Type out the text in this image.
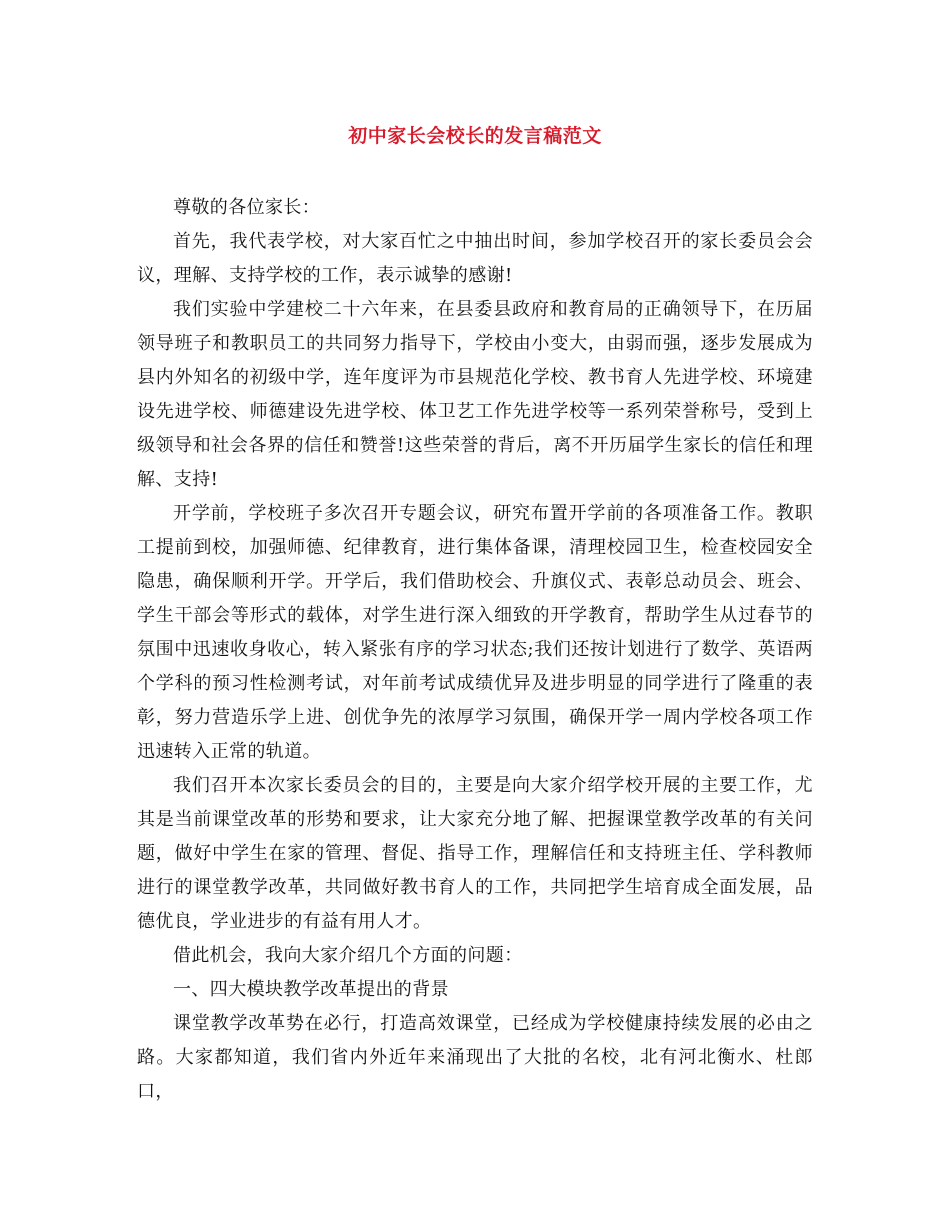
初中家长会校长的发言稿范文

尊敬的各位家长：

首先，我代表学校，对大家百忙之中抽出时间，参加学校召开的家长委员会会议，理解、支持学校的工作，表示诚挚的感谢!

我们实验中学建校二十六年来，在县委县政府和教育局的正确领导下，在历届领导班子和教职员工的共同努力指导下，学校由小变大，由弱而强，逐步发展成为县内外知名的初级中学，连年度评为市县规范化学校、教书育人先进学校、环境建设先进学校、师德建设先进学校、体卫艺工作先进学校等一系列荣誉称号，受到上级领导和社会各界的信任和赞誉!这些荣誉的背后，离不开历届学生家长的信任和理解、支持!

开学前，学校班子多次召开专题会议，研究布置开学前的各项准备工作。教职工提前到校，加强师德、纪律教育，进行集体备课，清理校园卫生，检查校园安全隐患，确保顺利开学。开学后，我们借助校会、升旗仪式、表彰总动员会、班会、学生干部会等形式的载体，对学生进行深入细致的开学教育，帮助学生从过春节的氛围中迅速收身收心，转入紧张有序的学习状态;我们还按计划进行了数学、英语两个学科的预习性检测考试，对年前考试成绩优异及进步明显的同学进行了隆重的表彰，努力营造乐学上进、创优争先的浓厚学习氛围，确保开学一周内学校各项工作迅速转入正常的轨道。

我们召开本次家长委员会的目的，主要是向大家介绍学校开展的主要工作，尤其是当前课堂改革的形势和要求，让大家充分地了解、把握课堂教学改革的有关问题，做好中学生在家的管理、督促、指导工作，理解信任和支持班主任、学科教师进行的课堂教学改革，共同做好教书育人的工作，共同把学生培育成全面发展，品德优良，学业进步的有益有用人才。

借此机会，我向大家介绍几个方面的问题：

一、四大模块教学改革提出的背景

课堂教学改革势在必行，打造高效课堂，已经成为学校健康持续发展的必由之路。大家都知道，我们省内外近年来涌现出了大批的名校，北有河北衡水、杜郎口，
